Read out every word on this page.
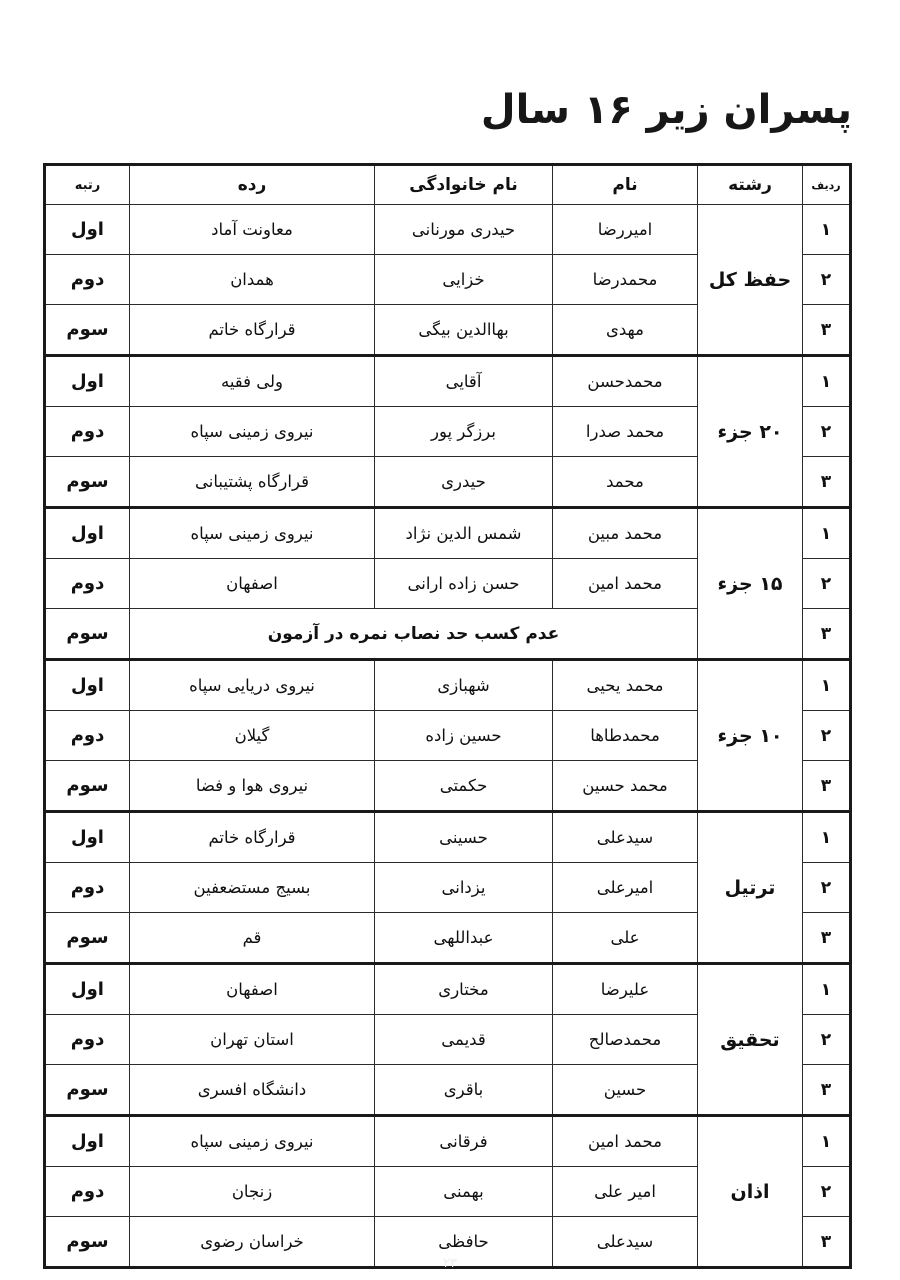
پسران زیر ۱۶ سال
ردیف	رشته	نام	نام خانوادگی	رده	رتبه
۱	حفظ کل	امیررضا	حیدری مورنانی	معاونت آماد	اول
۲		محمدرضا	خزایی	همدان	دوم
۳		مهدی	بهاالدین بیگی	قرارگاه خاتم	سوم
۱	۲۰ جزء	محمدحسن	آقایی	ولی فقیه	اول
۲		محمد صدرا	برزگر پور	نیروی زمینی سپاه	دوم
۳		محمد	حیدری	قرارگاه پشتیبانی	سوم
۱	۱۵ جزء	محمد مبین	شمس الدین نژاد	نیروی زمینی سپاه	اول
۲		محمد امین	حسن زاده ارانی	اصفهان	دوم
۳		عدم کسب حد نصاب نمره در آزمون			سوم
۱	۱۰ جزء	محمد یحیی	شهبازی	نیروی دریایی سپاه	اول
۲		محمدطاها	حسین زاده	گیلان	دوم
۳		محمد حسین	حکمتی	نیروی هوا و فضا	سوم
۱	ترتیل	سیدعلی	حسینی	قرارگاه خاتم	اول
۲		امیرعلی	یزدانی	بسیج مستضعفین	دوم
۳		علی	عبداللهی	قم	سوم
۱	تحقیق	علیرضا	مختاری	اصفهان	اول
۲		محمدصالح	قدیمی	استان تهران	دوم
۳		حسین	باقری	دانشگاه افسری	سوم
۱	اذان	محمد امین	فرقانی	نیروی زمینی سپاه	اول
۲		امیر علی	بهمنی	زنجان	دوم
۳		سیدعلی	حافظی	خراسان رضوی	سوم
۲۳
